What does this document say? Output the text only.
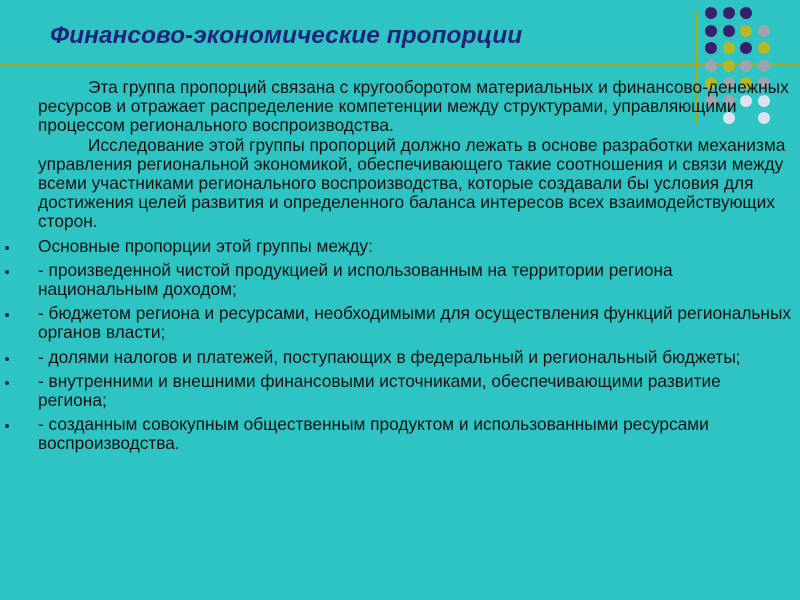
Финансово-экономические пропорции

Эта группа пропорций связана с кругооборотом материальных и финансово-денежных ресурсов и отражает распределение компетенции между структурами, управляющими процессом регионального воспроизводства.

Исследование этой группы пропорций должно лежать в основе разработки механизма управления региональной экономикой, обеспечивающего такие соотношения и связи между всеми участниками регионального воспроизводства, которые создавали бы условия для достижения целей развития и определенного баланса интересов всех взаимодействующих сторон.

Основные пропорции этой группы между:
- произведенной чистой продукцией и использованным на территории региона национальным доходом;
- бюджетом региона и ресурсами, необходимыми для осуществления функций региональных органов власти;
- долями налогов и платежей, поступающих в федеральный и региональный бюджеты;
- внутренними и внешними финансовыми источниками, обеспечивающими развитие региона;
- созданным совокупным общественным продуктом и использованными ресурсами воспроизводства.
